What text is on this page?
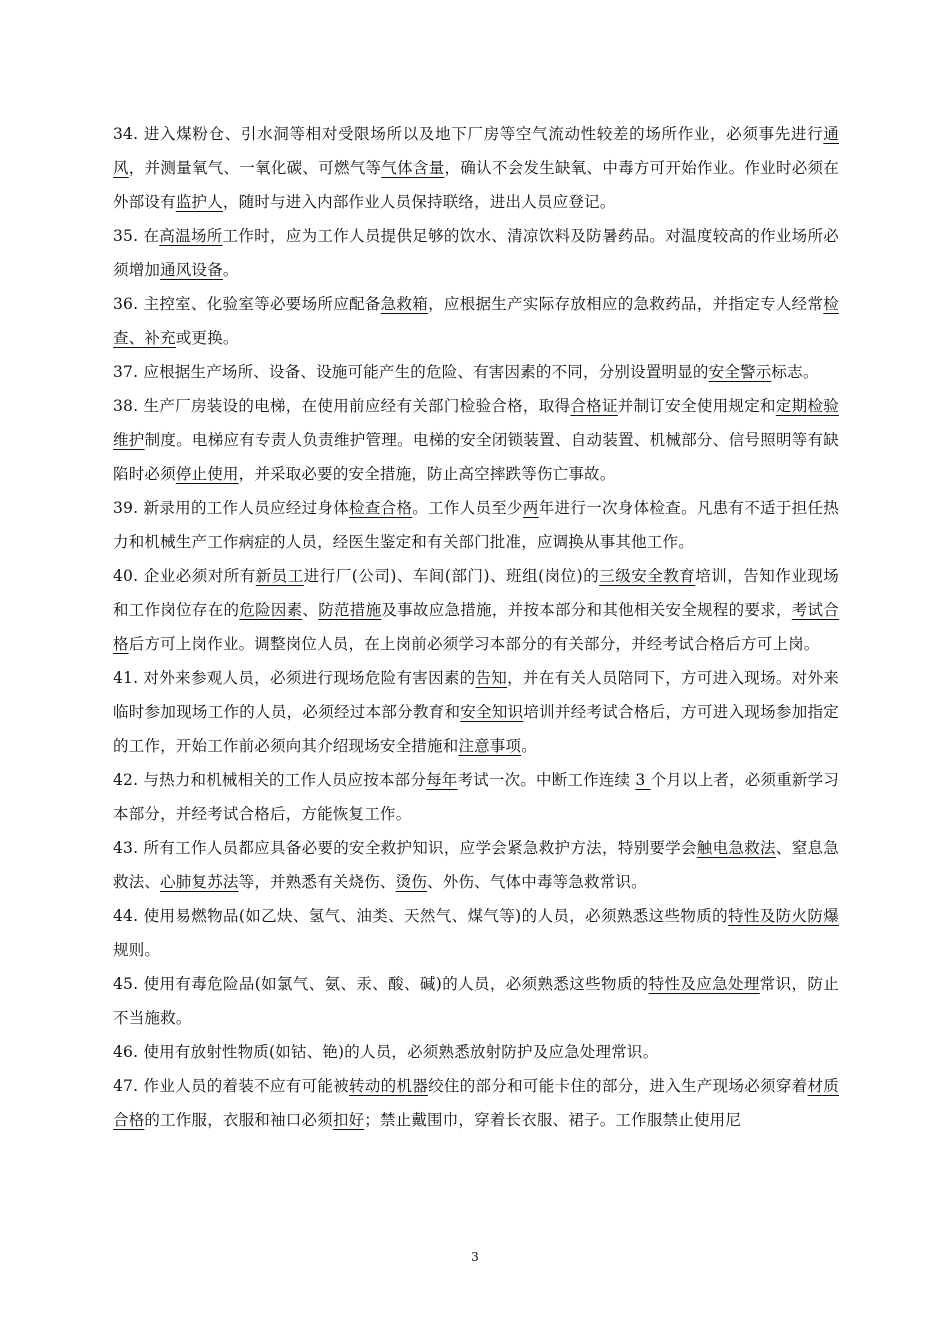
34. 进入煤粉仓、引水洞等相对受限场所以及地下厂房等空气流动性较差的场所作业，必须事先进行通风，并测量氧气、一氧化碳、可燃气等气体含量，确认不会发生缺氧、中毒方可开始作业。作业时必须在外部设有监护人，随时与进入内部作业人员保持联络，进出人员应登记。

35. 在高温场所工作时，应为工作人员提供足够的饮水、清凉饮料及防暑药品。对温度较高的作业场所必须增加通风设备。

36. 主控室、化验室等必要场所应配备急救箱，应根据生产实际存放相应的急救药品，并指定专人经常检查、补充或更换。

37. 应根据生产场所、设备、设施可能产生的危险、有害因素的不同，分别设置明显的安全警示标志。

38. 生产厂房装设的电梯，在使用前应经有关部门检验合格，取得合格证并制订安全使用规定和定期检验维护制度。电梯应有专责人负责维护管理。电梯的安全闭锁装置、自动装置、机械部分、信号照明等有缺陷时必须停止使用，并采取必要的安全措施，防止高空摔跌等伤亡事故。

39. 新录用的工作人员应经过身体检查合格。工作人员至少两年进行一次身体检查。凡患有不适于担任热力和机械生产工作病症的人员，经医生鉴定和有关部门批准，应调换从事其他工作。

40. 企业必须对所有新员工进行厂(公司)、车间(部门)、班组(岗位)的三级安全教育培训，告知作业现场和工作岗位存在的危险因素、防范措施及事故应急措施，并按本部分和其他相关安全规程的要求，考试合格后方可上岗作业。调整岗位人员，在上岗前必须学习本部分的有关部分，并经考试合格后方可上岗。

41. 对外来参观人员，必须进行现场危险有害因素的告知，并在有关人员陪同下，方可进入现场。对外来临时参加现场工作的人员，必须经过本部分教育和安全知识培训并经考试合格后，方可进入现场参加指定的工作，开始工作前必须向其介绍现场安全措施和注意事项。

42. 与热力和机械相关的工作人员应按本部分每年考试一次。中断工作连续 3 个月以上者，必须重新学习本部分，并经考试合格后，方能恢复工作。

43. 所有工作人员都应具备必要的安全救护知识，应学会紧急救护方法，特别要学会触电急救法、窒息急救法、心肺复苏法等，并熟悉有关烧伤、烫伤、外伤、气体中毒等急救常识。

44. 使用易燃物品(如乙炔、氢气、油类、天然气、煤气等)的人员，必须熟悉这些物质的特性及防火防爆规则。

45. 使用有毒危险品(如氯气、氨、汞、酸、碱)的人员，必须熟悉这些物质的特性及应急处理常识，防止不当施救。

46. 使用有放射性物质(如钴、铯)的人员，必须熟悉放射防护及应急处理常识。

47. 作业人员的着装不应有可能被转动的机器绞住的部分和可能卡住的部分，进入生产现场必须穿着材质合格的工作服，衣服和袖口必须扣好；禁止戴围巾，穿着长衣服、裙子。工作服禁止使用尼

3
